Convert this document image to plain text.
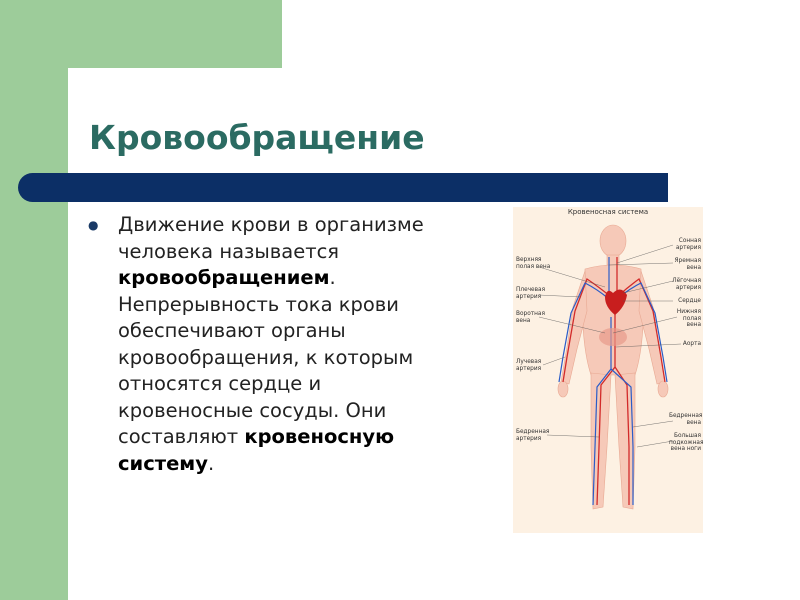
Кровообращение
● Движение крови в организме человека называется кровообращением. Непрерывность тока крови обеспечивают органы кровообращения, к которым относятся сердце и кровеносные сосуды. Они составляют кровеносную систему.
Кровеносная система
Верхняя полая вена
Плечевая артерия
Воротная вена
Лучевая артерия
Бедренная артерия
Сонная артерия
Яремная вена
Лёгочная артерия
Сердце
Нижняя полая вена
Аорта
Бедренная вена
Большая подкожная вена ноги
